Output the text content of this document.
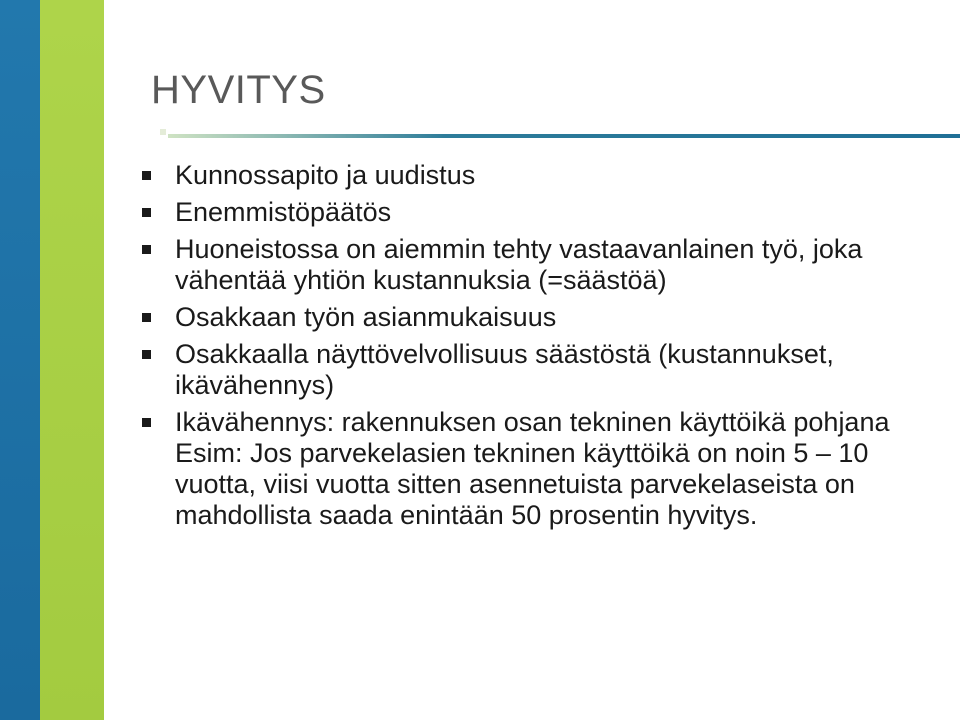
HYVITYS
Kunnossapito ja uudistus
Enemmistöpäätös
Huoneistossa on aiemmin tehty vastaavanlainen työ, joka vähentää yhtiön kustannuksia (=säästöä)
Osakkaan työn asianmukaisuus
Osakkaalla näyttövelvollisuus säästöstä (kustannukset, ikävähennys)
Ikävähennys: rakennuksen osan tekninen käyttöikä pohjana
Esim: Jos parvekelasien tekninen käyttöikä on noin 5 – 10 vuotta, viisi vuotta sitten asennetuista parvekelaseista on mahdollista saada enintään 50 prosentin hyvitys.
